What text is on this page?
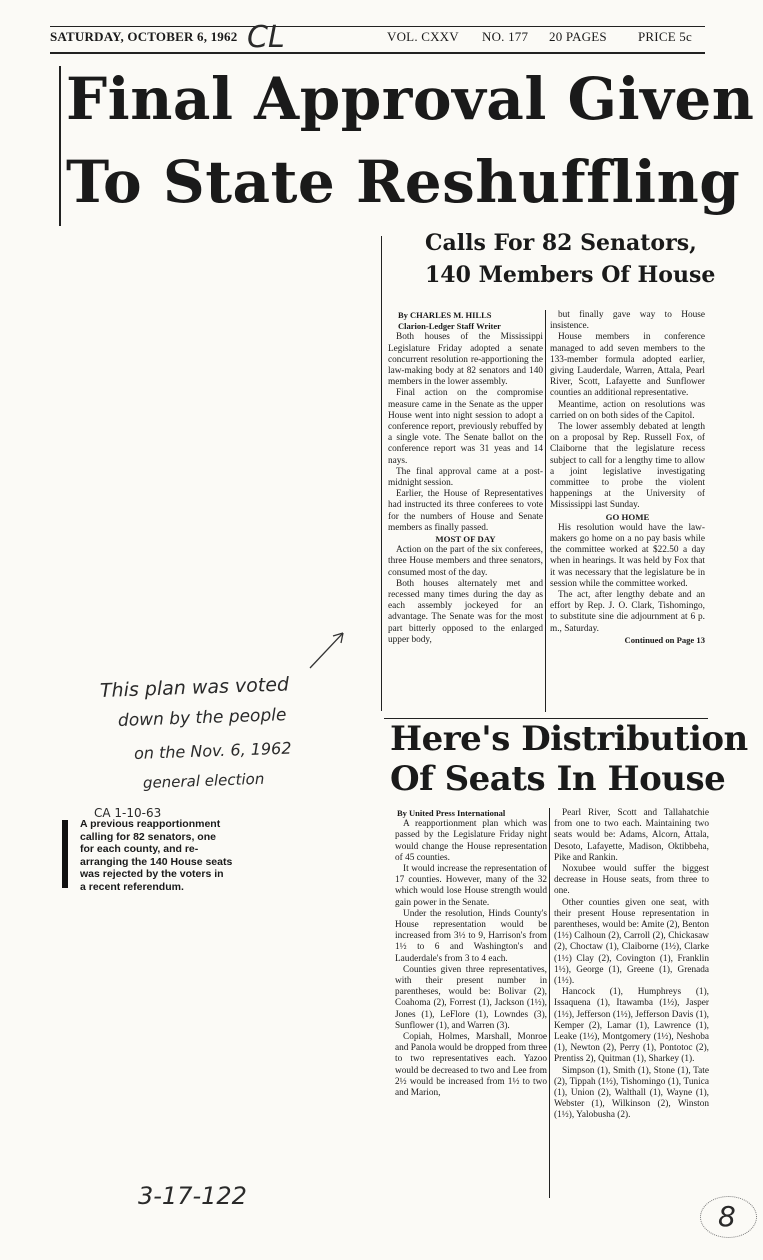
SATURDAY, OCTOBER 6, 1962 CL	VOL. CXXV NO. 177 20 PAGES PRICE 5c
Final Approval Given
To State Reshuffling
Calls For 82 Senators,
140 Members Of House

By CHARLES M. HILLS

Clarion-Ledger Staff Writer

Both houses of the Mississippi Legislature Friday adopted a senate concurrent resolution re-apportioning the law-making body at 82 senators and 140 members in the lower assembly.

Final action on the compromise measure came in the Senate as the upper House went into night session to adopt a conference report, previously rebuffed by a single vote. The Senate ballot on the conference report was 31 yeas and 14 nays.

The final approval came at a post-midnight session.

Earlier, the House of Representatives had instructed its three conferees to vote for the numbers of House and Senate members as finally passed.

MOST OF DAY

Action on the part of the six conferees, three House members and three senators, consumed most of the day.

Both houses alternately met and recessed many times during the day as each assembly jockeyed for an advantage. The Senate was for the most part bitterly opposed to the enlarged upper body,

but finally gave way to House insistence.

House members in conference managed to add seven members to the 133-member formula adopted earlier, giving Lauderdale, Warren, Attala, Pearl River, Scott, Lafayette and Sunflower counties an additional representative.

Meantime, action on resolutions was carried on on both sides of the Capitol.

The lower assembly debated at length on a proposal by Rep. Russell Fox, of Claiborne that the legislature recess subject to call for a lengthy time to allow a joint legislative investigating committee to probe the violent happenings at the University of Mississippi last Sunday.

GO HOME

His resolution would have the law-makers go home on a no pay basis while the committee worked at $22.50 a day when in hearings. It was held by Fox that it was necessary that the legislature be in session while the committee worked.

The act, after lengthy debate and an effort by Rep. J. O. Clark, Tishomingo, to substitute sine die adjournment at 6 p. m., Saturday.

Continued on Page 13

Here's Distribution
Of Seats In House

By United Press International

A reapportionment plan which was passed by the Legislature Friday night would change the House representation of 45 counties.

It would increase the representation of 17 counties. However, many of the 32 which would lose House strength would gain power in the Senate.

Under the resolution, Hinds County's House representation would be increased from 3½ to 9, Harrison's from 1½ to 6 and Washington's and Lauderdale's from 3 to 4 each.

Counties given three representatives, with their present number in parentheses, would be: Bolivar (2), Coahoma (2), Forrest (1), Jackson (1½), Jones (1), LeFlore (1), Lowndes (3), Sunflower (1), and Warren (3).

Copiah, Holmes, Marshall, Monroe and Panola would be dropped from three to two representatives each. Yazoo would be decreased to two and Lee from 2½ would be increased from 1½ to two and Marion,

Pearl River, Scott and Tallahatchie from one to two each. Maintaining two seats would be: Adams, Alcorn, Attala, Desoto, Lafayette, Madison, Oktibbeha, Pike and Rankin.

Noxubee would suffer the biggest decrease in House seats, from three to one.

Other counties given one seat, with their present House representation in parentheses, would be: Amite (2), Benton (1½) Calhoun (2), Carroll (2), Chickasaw (2), Choctaw (1), Claiborne (1½), Clarke (1½) Clay (2), Covington (1), Franklin 1½), George (1), Greene (1), Grenada (1½).

Hancock (1), Humphreys (1), Issaquena (1), Itawamba (1½), Jasper (1½), Jefferson (1½), Jefferson Davis (1), Kemper (2), Lamar (1), Lawrence (1), Leake (1½), Montgomery (1½), Neshoba (1), Newton (2), Perry (1), Pontotoc (2), Prentiss 2), Quitman (1), Sharkey (1).

Simpson (1), Smith (1), Stone (1), Tate (2), Tippah (1½), Tishomingo (1), Tunica (1), Union (2), Walthall (1), Wayne (1), Webster (1), Wilkinson (2), Winston (1½), Yalobusha (2).

This plan was voted
down by the people
on the Nov. 6, 1962
general election
CA 1-10-63
A previous reapportionment
calling for 82 senators, one
for each county, and re-
arranging the 140 House seats
was rejected by the voters in
a recent referendum.
3-17-122
8
